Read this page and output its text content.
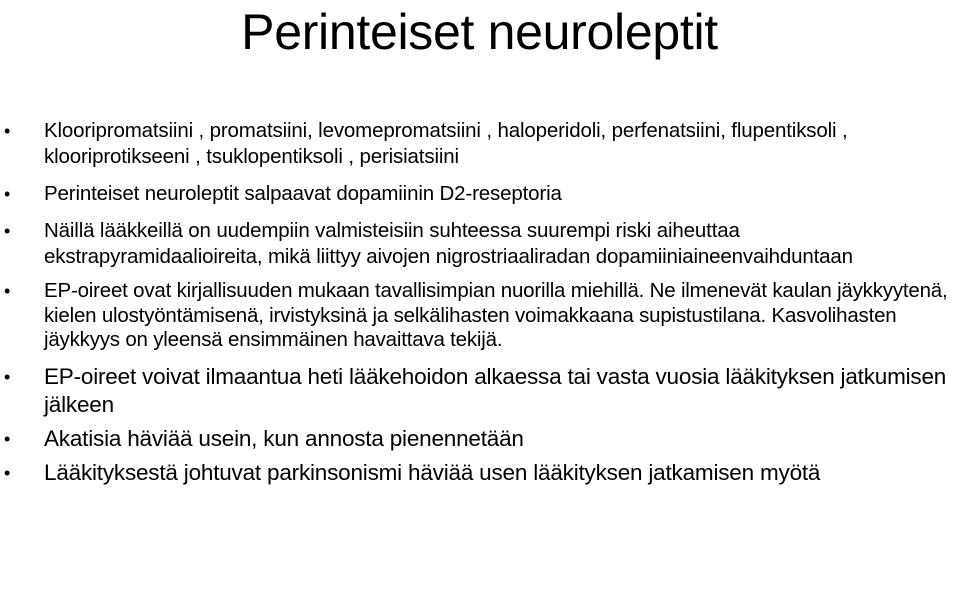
Perinteiset neuroleptit
• Klooripromatsiini , promatsiini, levomepromatsiini , haloperidoli, perfenatsiini, flupentiksoli , klooriprotikseeni , tsuklopentiksoli , perisiatsiini
• Perinteiset neuroleptit salpaavat dopamiinin D2-reseptoria
• Näillä lääkkeillä on uudempiin valmisteisiin suhteessa suurempi riski aiheuttaa ekstrapyramidaalioireita, mikä liittyy aivojen nigrostriaaliradan dopamiiniaineenvaihduntaan
• EP-oireet ovat kirjallisuuden mukaan tavallisimpian nuorilla miehillä. Ne ilmenevät kaulan jäykkyytenä, kielen ulostyöntämisenä, irvistyksinä ja selkälihasten voimakkaana supistustilana. Kasvolihasten jäykkyys on yleensä ensimmäinen havaittava tekijä.
• EP-oireet voivat ilmaantua heti lääkehoidon alkaessa tai vasta vuosia lääkityksen jatkumisen jälkeen
• Akatisia häviää usein, kun annosta pienennetään
• Lääkityksestä johtuvat parkinsonismi häviää usen lääkityksen jatkamisen myötä
